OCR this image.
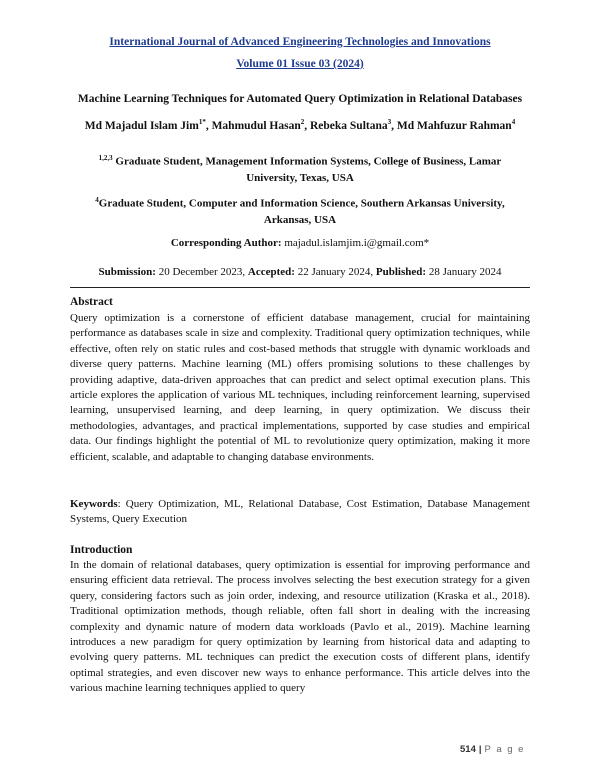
International Journal of Advanced Engineering Technologies and Innovations
Volume 01 Issue 03 (2024)
Machine Learning Techniques for Automated Query Optimization in Relational Databases
Md Majadul Islam Jim$^{1*}$, Mahmudul Hasan$^2$, Rebeka Sultana$^3$, Md Mahfuzur Rahman$^4$
$^{1,2,3}$ Graduate Student, Management Information Systems, College of Business, Lamar University, Texas, USA
$^4$Graduate Student, Computer and Information Science, Southern Arkansas University, Arkansas, USA
Corresponding Author: majadul.islamjim.i@gmail.com*
Submission: 20 December 2023, Accepted: 22 January 2024, Published: 28 January 2024
Abstract
Query optimization is a cornerstone of efficient database management, crucial for maintaining performance as databases scale in size and complexity. Traditional query optimization techniques, while effective, often rely on static rules and cost-based methods that struggle with dynamic workloads and diverse query patterns. Machine learning (ML) offers promising solutions to these challenges by providing adaptive, data-driven approaches that can predict and select optimal execution plans. This article explores the application of various ML techniques, including reinforcement learning, supervised learning, unsupervised learning, and deep learning, in query optimization. We discuss their methodologies, advantages, and practical implementations, supported by case studies and empirical data. Our findings highlight the potential of ML to revolutionize query optimization, making it more efficient, scalable, and adaptable to changing database environments.
Keywords: Query Optimization, ML, Relational Database, Cost Estimation, Database Management Systems, Query Execution
Introduction
In the domain of relational databases, query optimization is essential for improving performance and ensuring efficient data retrieval. The process involves selecting the best execution strategy for a given query, considering factors such as join order, indexing, and resource utilization (Kraska et al., 2018). Traditional optimization methods, though reliable, often fall short in dealing with the increasing complexity and dynamic nature of modern data workloads (Pavlo et al., 2019). Machine learning introduces a new paradigm for query optimization by learning from historical data and adapting to evolving query patterns. ML techniques can predict the execution costs of different plans, identify optimal strategies, and even discover new ways to enhance performance. This article delves into the various machine learning techniques applied to query
514 | P a g e
